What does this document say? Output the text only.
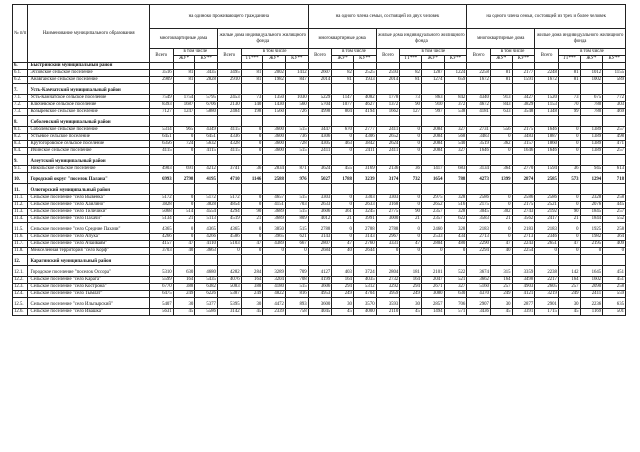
№ п/п	Наименование муниципального образования	на одиноко проживающего гражданина							на одного члена семьи, состоящей из двух человек							на одного члена семьи, состоящей из трех и более человек						
		многоквартирные дома			жилые дома индивидуального жилищного фонда				многоквартирные дома			жилые дома индивидуального жилищного фонда				многоквартирные дома			жилые дома индивидуального жилищного фонда			
		Всего	в том числе		Всего	в том числе			Всего	в том числе		Всего	в том числе			Всего	в том числе		Всего	в том числе		
			ЖУ*	КУ**		ТТ***	ЖУ*	КУ**		ЖУ*	КУ**		ТТ***	ЖУ*	КУ**		ЖУ*	КУ**		ТТ***	ЖУ*	КУ**
6.	Быстринский муниципальный район																					
6.1.	Эссовское сельское поселение	3516	81	3435	3495	81	2002	1412	2607	82	2525	2593	82	1287	1224	2258	81	2177	2248	81	1012	1155
6.2.	Анавгайское сельское поселение	2909	81	2828	2910	81	1982	847	2014	81	1933	2014	81	1274	659	1672	81	1591	1672	81	1002	589
7.	Усть-Камчатский муниципальный район																					
7.1.	Усть-Камчатское сельское поселение	7549	1754	5795	2453	73	1350	1030	5229	1147	4082	1778	73	863	842	4340	913	3427	1520	73	675	772
7.2.	Ключевское сельское поселение	8393	1687	6706	2130	140	1430	560	5704	1077	4627	1372	90	910	372	4672	843	3829	1153	70	780	303
7.3.	Козыревское сельское поселение	7127	1247	5880	2484	198	1560	726	4998	804	4194	1662	127	997	538	4181	633	3548	1348	99	780	469
8.	Соболевский муниципальный район																					
8.1.	Соболевское сельское поселение	5314	965	4349	4115	0	3600	515	3447	670	2777	2411	0	2084	327	2731	556	2175	1646	0	1389	257
8.2.	Устьевое сельское поселение	6451	0	6451	4336	0	3600	736	4306	0	4306	2652	0	2084	568	3483	0	3483	1887	0	1389	498
8.3.	Крутогоровское сельское поселение	6356	724	5632	4328	0	3600	728	4305	463	3842	2624	0	2084	540	3519	362	3157	1860	0	1389	471
8.4.	Ичинское сельское поселение	4115	0	4115	4115	0	3600	515	2411	0	2411	2411	0	2084	327	1646	0	1646	1646	0	1389	257
9.	Алеутский муниципальный район																					
9.1.	Никольское сельское поселение	4903	691	4212	3741	36	2834	871	3624	455	3169	2136	36	1417	683	3134	364	2770	1594	36	945	613
10.	Городской округ "поселок Палана"	6993	2798	4195	4710	1146	2588	976	5027	1788	3239	3174	732	1654	788	4273	1399	2874	2585	573	1294	718
11.	Олюторский муниципальный район																					
11.1.	Сельское поселение "село Вывенка"	5172	0	5172	5172	0	4657	515	3303	0	3303	3303	0	2975	328	2586	0	2586	2586	0	2328	258
11.2.	Сельское поселение "село Хаилино"	3828	0	3828	4854	0	4151	703	2633	0	2633	3168	0	2652	516	2175	0	2175	2521	0	2076	445
11.3.	Сельское поселение "село Тиличики"	5068	514	4554	4294	90	3689	515	3606	361	3245	2775	90	2357	328	3045	302	2743	2192	90	1845	257
11.4.	Сельское поселение "село Пахачи"	5134	21	5113	4519	21	3689	809	4012	21	3991	3000	21	2357	622	3583	21	3562	2417	21	1844	552
11.5.	Сельское поселение "село Средние Пахачи"	4365	0	4365	4365	0	3850	515	2788	0	2788	2788	0	2460	328	2183	0	2183	2183	0	1925	258
11.6.	Сельское поселение "село Апука"	4266	0	4266	4586	0	3965	621	3143	0	3143	2967	0	2533	434	2713	0	2713	2346	0	1982	364
11.7.	Сельское поселение "село Ачайваям"	4157	47	4110	5103	47	4389	667	2807	47	2760	3331	47	2804	480	2290	47	2243	2651	47	2195	409
11.8.	Межселенная территория "село Корф"	3703	40	3663	0	0	0	0	2684	40	2644	0	0	0	0	2294	40	2254	0	0	0	0
12.	Карагинский муниципальный район																					
12.1.	Городское поселение "поселок Оссора"	5310	630	4680	4282	284	3289	709	4127	403	3724	2804	181	2101	522	3674	315	3359	2238	142	1645	451
12.2.	Сельское поселение "село Карага"	5599	164	5435	4076	164	3204	708	4199	164	4035	2732	164	2047	521	3662	164	3498	2217	164	1602	451
12.3.	Сельское поселение "село Кострома"	6770	388	6382	5083	388	4180	515	3606	294	5312	3292	294	2671	327	5160	257	4903	2605	257	2090	258
12.4.	Сельское поселение "село Тымлат"	6475	249	6226	5387	249	4822	816	4953	249	4704	3959	249	3080	630	4370	249	4121	3219	249	2411	559
12.5.	Сельское поселение "село Ильпырский"	5407	30	5377	5395	30	4472	893	3600	30	3570	3593	30	2857	706	2907	30	2877	2901	30	2236	635
12.6.	Сельское поселение "село Ивашка"	5631	45	5586	3142	45	2339	758	4045	45	4000	2110	45	1494	571	3436	45	3391	1715	45	1169	501
